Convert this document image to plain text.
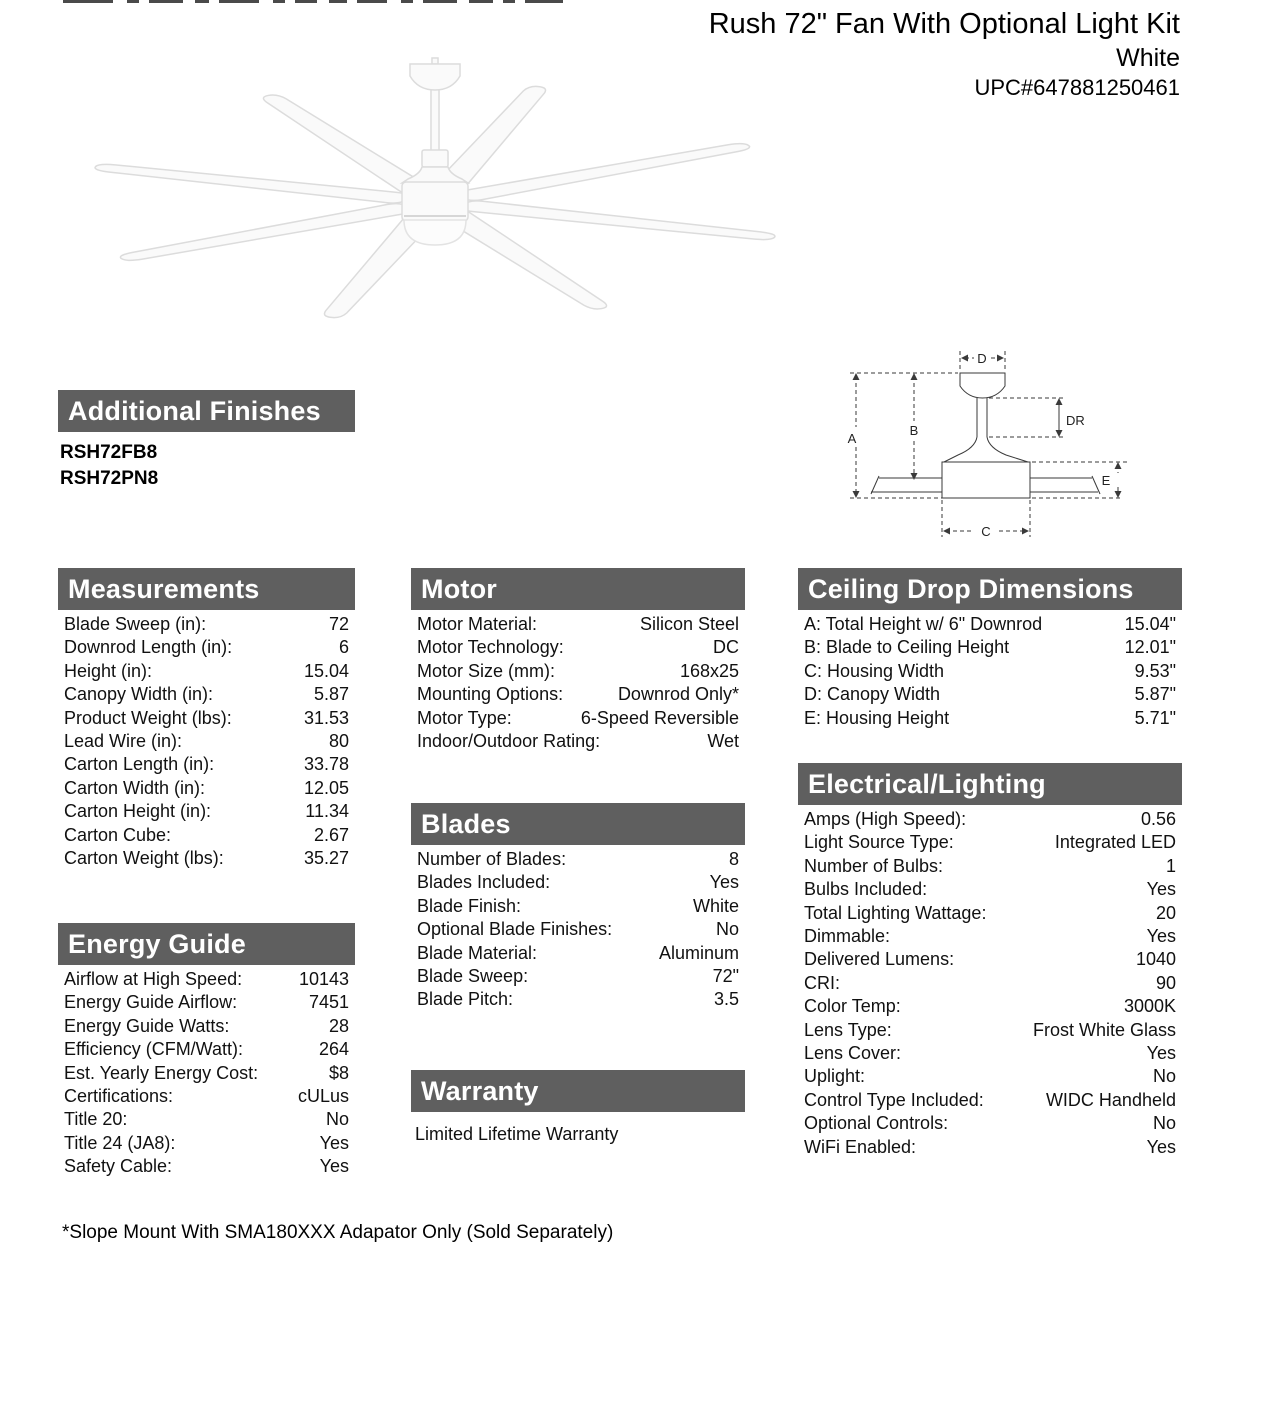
Rush 72" Fan With Optional Light Kit
White
UPC#647881250461
Additional Finishes
RSH72FB8
RSH72PN8
A
B
C
D
E
DR
Measurements
Blade Sweep (in):	72
Downrod Length (in):	6
Height (in):	15.04
Canopy Width (in):	5.87
Product Weight (lbs):	31.53
Lead Wire (in):	80
Carton Length (in):	33.78
Carton Width (in):	12.05
Carton Height (in):	11.34
Carton Cube:	2.67
Carton Weight (lbs):	35.27
Energy Guide
Airflow at High Speed:	10143
Energy Guide Airflow:	7451
Energy Guide Watts:	28
Efficiency (CFM/Watt):	264
Est. Yearly Energy Cost:	$8
Certifications:	cULus
Title 20:	No
Title 24 (JA8):	Yes
Safety Cable:	Yes
Motor
Motor Material:	Silicon Steel
Motor Technology:	DC
Motor Size (mm):	168x25
Mounting Options:	Downrod Only*
Motor Type:	6-Speed Reversible
Indoor/Outdoor Rating:	Wet
Blades
Number of Blades:	8
Blades Included:	Yes
Blade Finish:	White
Optional Blade Finishes:	No
Blade Material:	Aluminum
Blade Sweep:	72"
Blade Pitch:	3.5
Warranty
Limited Lifetime Warranty
Ceiling Drop Dimensions
A: Total Height w/ 6" Downrod	15.04"
B: Blade to Ceiling Height	12.01"
C: Housing Width	9.53"
D: Canopy Width	5.87"
E: Housing Height	5.71"
Electrical/Lighting
Amps (High Speed):	0.56
Light Source Type:	Integrated LED
Number of Bulbs:	1
Bulbs Included:	Yes
Total Lighting Wattage:	20
Dimmable:	Yes
Delivered Lumens:	1040
CRI:	90
Color Temp:	3000K
Lens Type:	Frost White Glass
Lens Cover:	Yes
Uplight:	No
Control Type Included:	WIDC Handheld
Optional Controls:	No
WiFi Enabled:	Yes
*Slope Mount With SMA180XXX Adapator Only (Sold Separately)
